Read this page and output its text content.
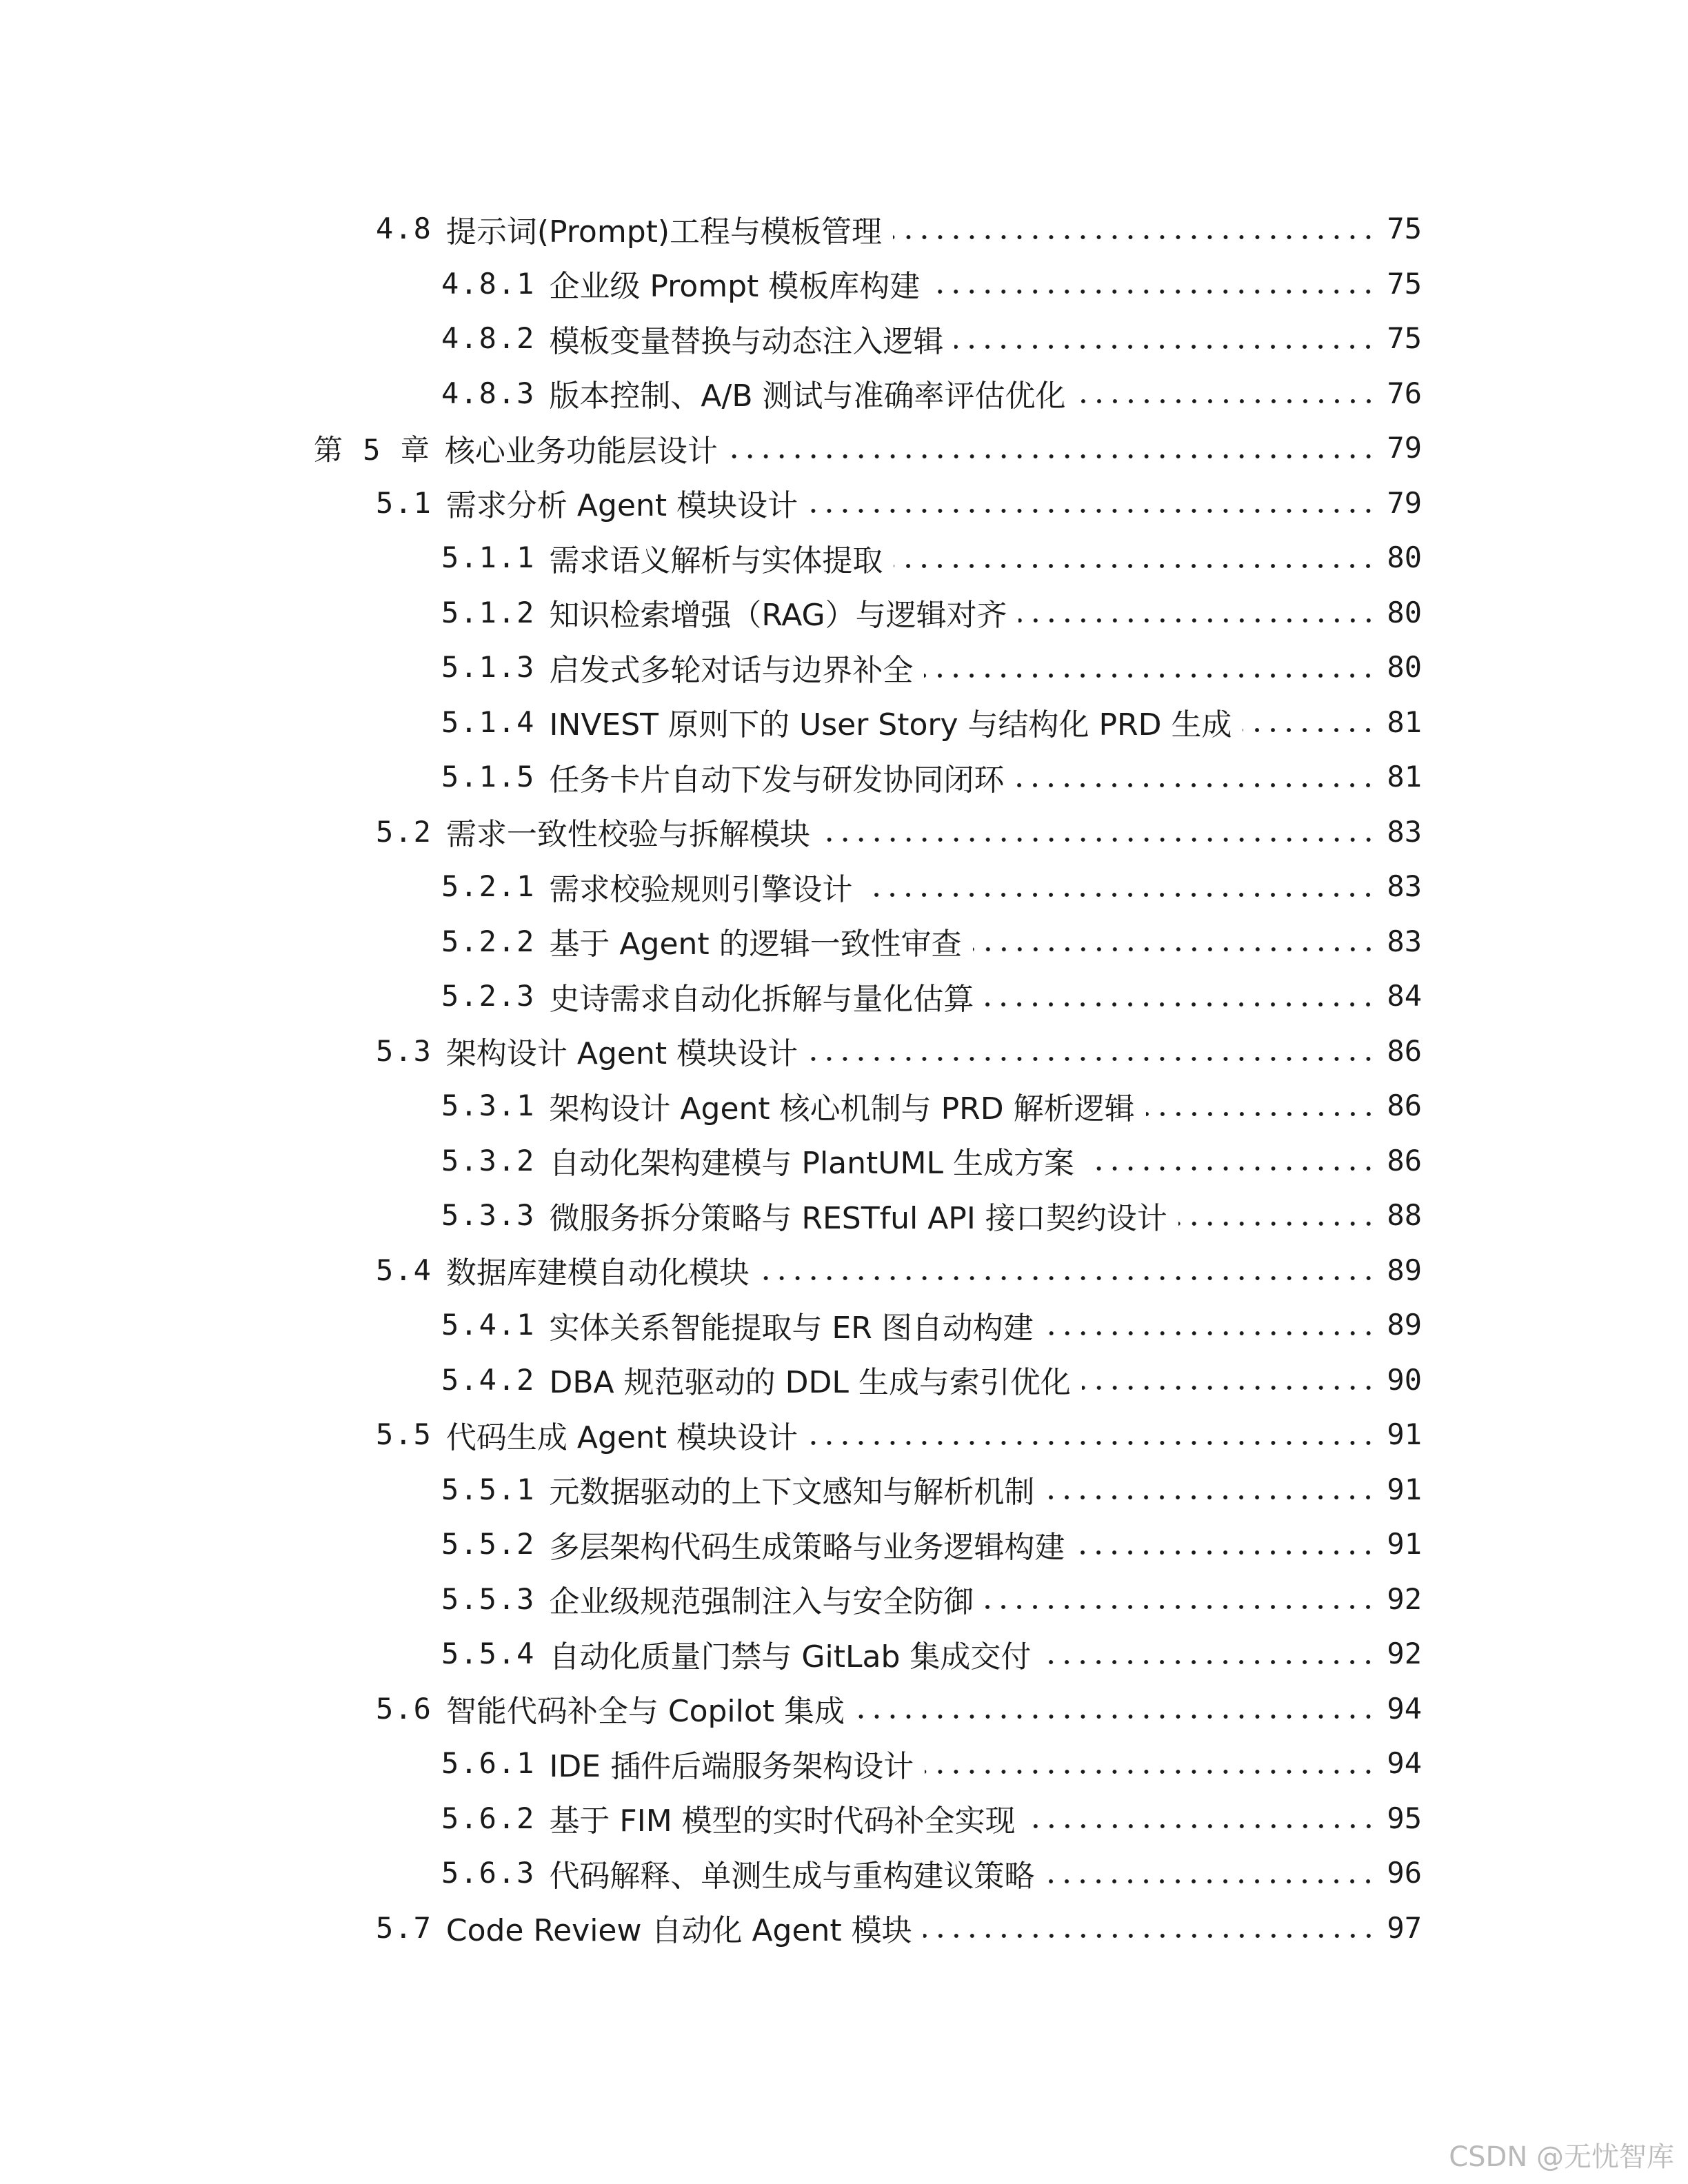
4.8 提示词(Prompt)工程与模板管理	75
4.8.1 企业级 Prompt 模板库构建	75
4.8.2 模板变量替换与动态注入逻辑	75
4.8.3 版本控制、A/B 测试与准确率评估优化	76
第 5 章 核心业务功能层设计	79
5.1 需求分析 Agent 模块设计	79
5.1.1 需求语义解析与实体提取	80
5.1.2 知识检索增强（RAG）与逻辑对齐	80
5.1.3 启发式多轮对话与边界补全	80
5.1.4 INVEST 原则下的 User Story 与结构化 PRD 生成	81
5.1.5 任务卡片自动下发与研发协同闭环	81
5.2 需求一致性校验与拆解模块	83
5.2.1 需求校验规则引擎设计	83
5.2.2 基于 Agent 的逻辑一致性审查	83
5.2.3 史诗需求自动化拆解与量化估算	84
5.3 架构设计 Agent 模块设计	86
5.3.1 架构设计 Agent 核心机制与 PRD 解析逻辑	86
5.3.2 自动化架构建模与 PlantUML 生成方案	86
5.3.3 微服务拆分策略与 RESTful API 接口契约设计	88
5.4 数据库建模自动化模块	89
5.4.1 实体关系智能提取与 ER 图自动构建	89
5.4.2 DBA 规范驱动的 DDL 生成与索引优化	90
5.5 代码生成 Agent 模块设计	91
5.5.1 元数据驱动的上下文感知与解析机制	91
5.5.2 多层架构代码生成策略与业务逻辑构建	91
5.5.3 企业级规范强制注入与安全防御	92
5.5.4 自动化质量门禁与 GitLab 集成交付	92
5.6 智能代码补全与 Copilot 集成	94
5.6.1 IDE 插件后端服务架构设计	94
5.6.2 基于 FIM 模型的实时代码补全实现	95
5.6.3 代码解释、单测生成与重构建议策略	96
5.7 Code Review 自动化 Agent 模块	97
CSDN @无忧智库
